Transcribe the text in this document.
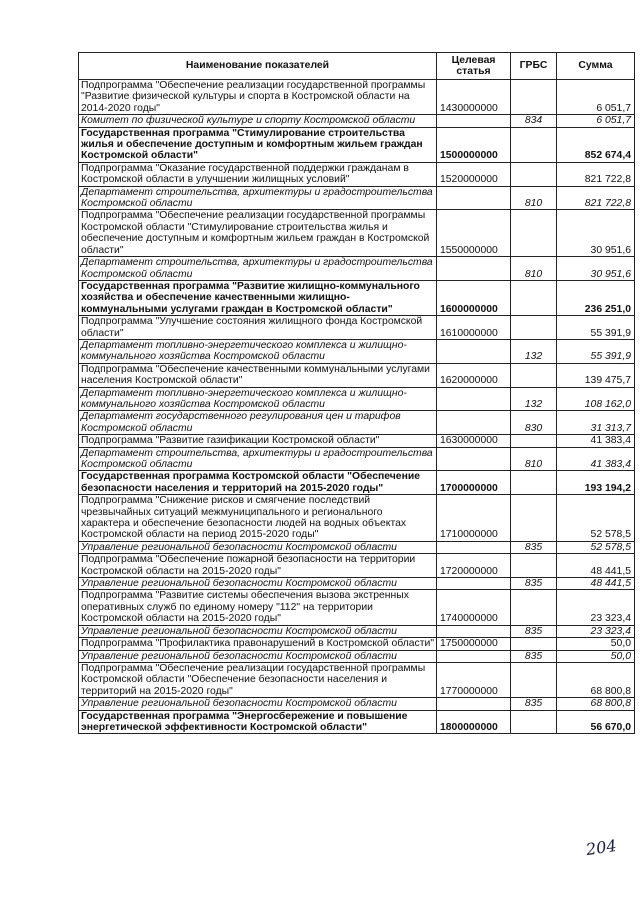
Наименование показателей	Целевая статья	ГРБС	Сумма
Подпрограмма "Обеспечение реализации государственной программы "Развитие физической культуры и спорта в Костромской области на 2014-2020 годы"	1430000000		6 051,7
Комитет по физической культуре и спорту Костромской области		834	6 051,7
Государственная программа "Стимулирование строительства жилья и обеспечение доступным и комфортным жильем граждан Костромской области"	1500000000		852 674,4
Подпрограмма "Оказание государственной поддержки гражданам в Костромской области в улучшении жилищных условий"	1520000000		821 722,8
Департамент строительства, архитектуры и градостроительства Костромской области		810	821 722,8
Подпрограмма "Обеспечение реализации государственной программы Костромской области "Стимулирование строительства жилья и обеспечение доступным и комфортным жильем граждан в Костромской области"	1550000000		30 951,6
Департамент строительства, архитектуры и градостроительства Костромской области		810	30 951,6
Государственная программа "Развитие жилищно-коммунального хозяйства и обеспечение качественными жилищно-коммунальными услугами граждан в Костромской области"	1600000000		236 251,0
Подпрограмма "Улучшение состояния жилищного фонда Костромской области"	1610000000		55 391,9
Департамент топливно-энергетического комплекса и жилищно-коммунального хозяйства Костромской области		132	55 391,9
Подпрограмма "Обеспечение качественными коммунальными услугами населения Костромской области"	1620000000		139 475,7
Департамент топливно-энергетического комплекса и жилищно-коммунального хозяйства Костромской области		132	108 162,0
Департамент государственного регулирования цен и тарифов Костромской области		830	31 313,7
Подпрограмма "Развитие газификации Костромской области"	1630000000		41 383,4
Департамент строительства, архитектуры и градостроительства Костромской области		810	41 383,4
Государственная программа Костромской области "Обеспечение безопасности населения и территорий на 2015-2020 годы"	1700000000		193 194,2
Подпрограмма "Снижение рисков и смягчение последствий чрезвычайных ситуаций межмуниципального и регионального характера и обеспечение безопасности людей на водных объектах Костромской области на период 2015-2020 годы"	1710000000		52 578,5
Управление региональной безопасности Костромской области		835	52 578,5
Подпрограмма "Обеспечение пожарной безопасности на территории Костромской области на 2015-2020 годы"	1720000000		48 441,5
Управление региональной безопасности Костромской области		835	48 441,5
Подпрограмма "Развитие системы обеспечения вызова экстренных оперативных служб по единому номеру "112" на территории Костромской области на 2015-2020 годы"	1740000000		23 323,4
Управление региональной безопасности Костромской области		835	23 323,4
Подпрограмма "Профилактика правонарушений в Костромской области"	1750000000		50,0
Управление региональной безопасности Костромской области		835	50,0
Подпрограмма "Обеспечение реализации государственной программы Костромской области "Обеспечение безопасности населения и территорий на 2015-2020 годы"	1770000000		68 800,8
Управление региональной безопасности Костромской области		835	68 800,8
Государственная программа "Энергосбережение и повышение энергетической эффективности Костромской области"	1800000000		56 670,0
204
